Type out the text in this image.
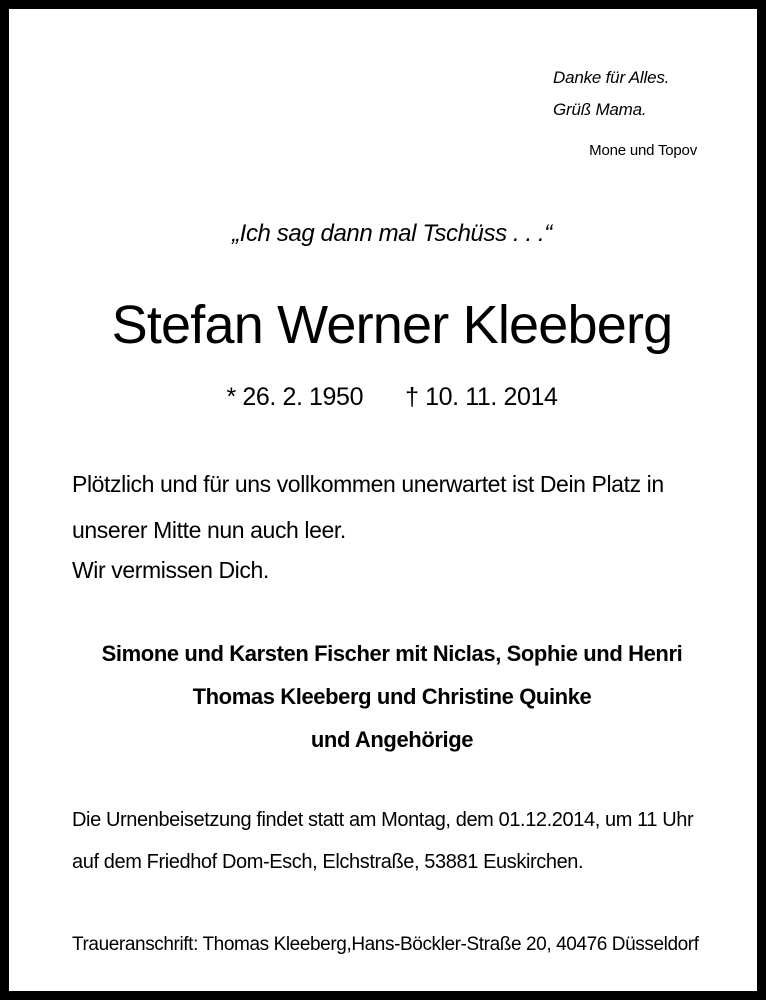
Danke für Alles.
Grüß Mama.
Mone und Topov
„Ich sag dann mal Tschüss . . .“
Stefan Werner Kleeberg
* 26. 2. 1950 † 10. 11. 2014
Plötzlich und für uns vollkommen unerwartet ist Dein Platz in
unserer Mitte nun auch leer.
Wir vermissen Dich.
Simone und Karsten Fischer mit Niclas, Sophie und Henri
Thomas Kleeberg und Christine Quinke
und Angehörige
Die Urnenbeisetzung findet statt am Montag, dem 01.12.2014, um 11 Uhr
auf dem Friedhof Dom-Esch, Elchstraße, 53881 Euskirchen.
Traueranschrift: Thomas Kleeberg,Hans-Böckler-Straße 20, 40476 Düsseldorf
